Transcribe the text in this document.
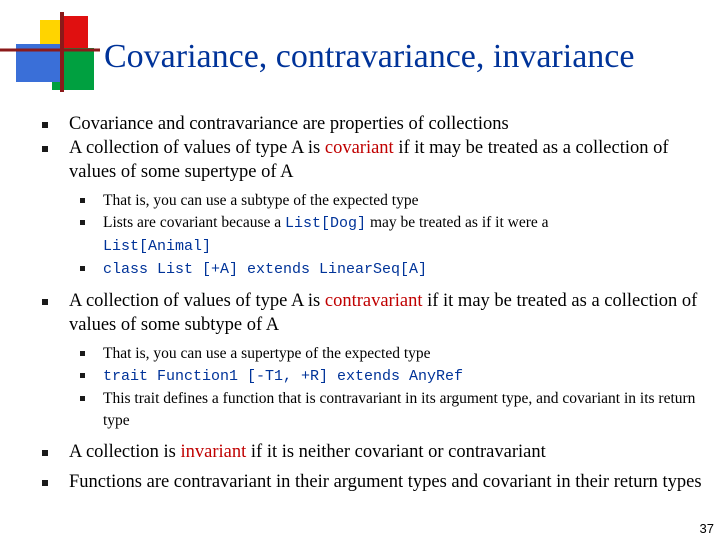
Covariance, contravariance, invariance
Covariance and contravariance are properties of collections
A collection of values of type A is covariant if it may be treated as a collection of values of some supertype of A
That is, you can use a subtype of the expected type
Lists are covariant because a List[Dog] may be treated as if it were a
List[Animal]
class List [+A] extends LinearSeq[A]
A collection of values of type A is contravariant if it may be treated as a collection of values of some subtype of A
That is, you can use a supertype of the expected type
trait Function1 [-T1, +R] extends AnyRef
This trait defines a function that is contravariant in its argument type, and covariant in its return type
A collection is invariant if it is neither covariant or contravariant
Functions are contravariant in their argument types and covariant in their return types
37
